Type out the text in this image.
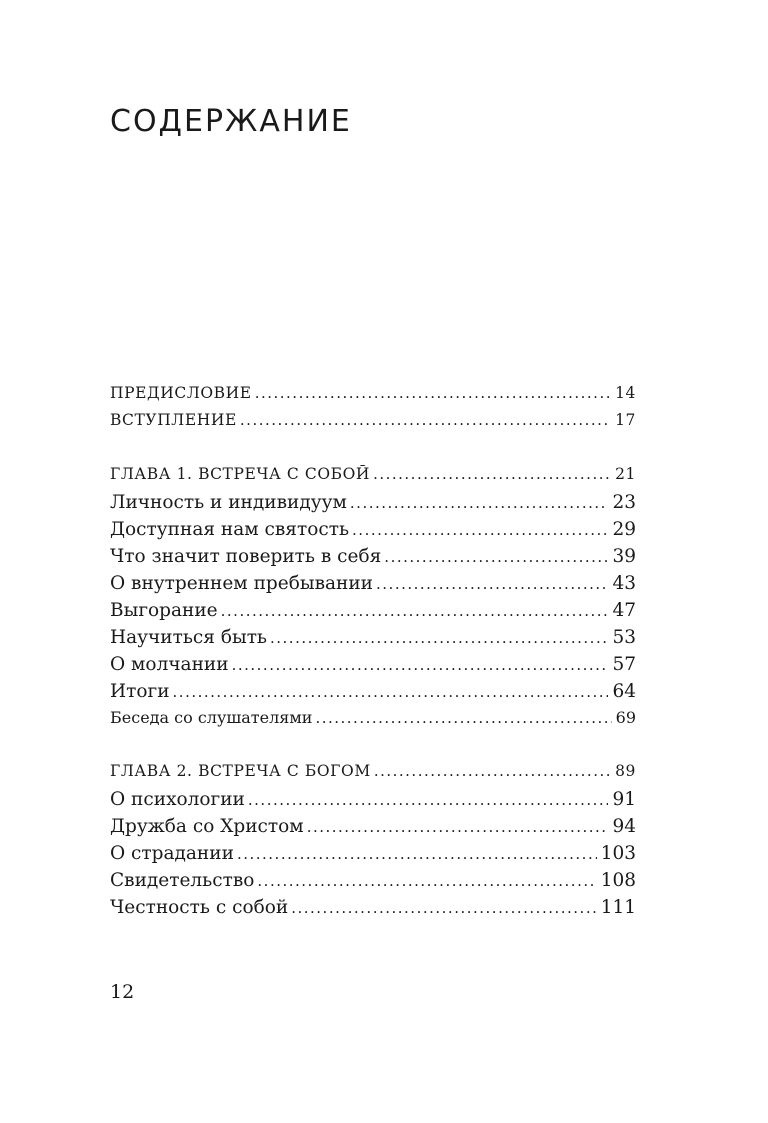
СОДЕРЖАНИЕ
ПРЕДИСЛОВИЕ .....	14
ВСТУПЛЕНИЕ .....	17
ГЛАВА 1. ВСТРЕЧА С СОБОЙ .....	21
Личность и индивидуум .....	23
Доступная нам святость .....	29
Что значит поверить в себя .....	39
О внутреннем пребывании .....	43
Выгорание .....	47
Научиться быть .....	53
О молчании .....	57
Итоги .....	64
Беседа со слушателями .....	69
ГЛАВА 2. ВСТРЕЧА С БОГОМ .....	89
О психологии .....	91
Дружба со Христом .....	94
О страдании .....	103
Свидетельство .....	108
Честность с собой .....	111
12
